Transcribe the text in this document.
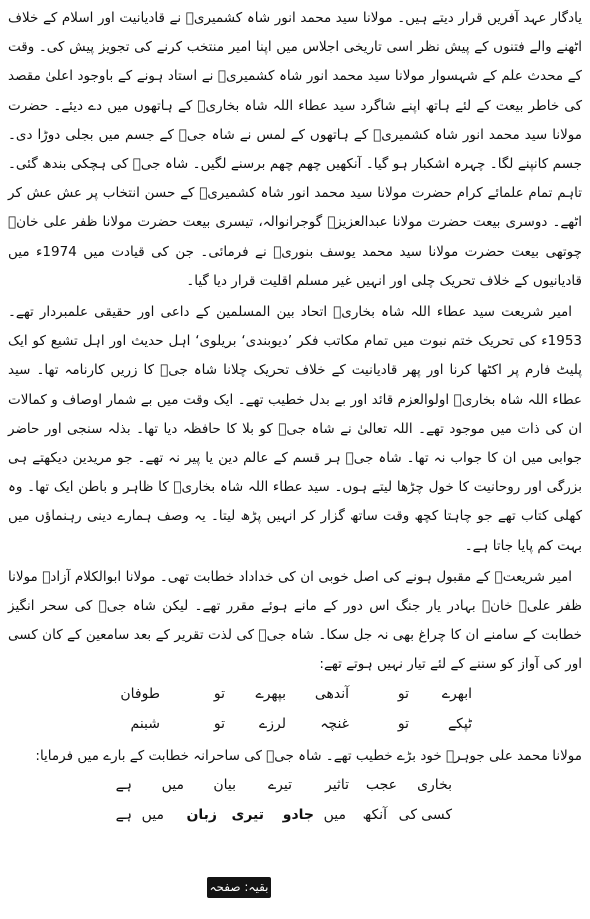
یادگار عہد آفریں قرار دیتے ہیں۔ مولانا سید محمد انور شاہ کشمیریؒ نے قادیانیت اور اسلام کے خلاف اٹھنے والے فتنوں کے پیش نظر اسی تاریخی اجلاس میں اپنا امیر منتخب کرنے کی تجویز پیش کی۔ وقت کے محدث علم کے شہسوار مولانا سید محمد انور شاہ کشمیریؒ نے استاد ہونے کے باوجود اعلیٰ مقصد کی خاطر بیعت کے لئے ہاتھ اپنے شاگرد سید عطاء اللہ شاہ بخاریؒ کے ہاتھوں میں دے دیئے۔ حضرت مولانا سید محمد انور شاہ کشمیریؒ کے ہاتھوں کے لمس نے شاہ جیؒ کے جسم میں بجلی دوڑا دی۔ جسم کانپنے لگا۔ چہرہ اشکبار ہو گیا۔ آنکھیں چھم چھم برسنے لگیں۔ شاہ جیؒ کی ہچکی بندھ گئی۔ تاہم تمام علمائے کرام حضرت مولانا سید محمد انور شاہ کشمیریؒ کے حسن انتخاب پر عش عش کر اٹھے۔ دوسری بیعت حضرت مولانا عبدالعزیزؒ گوجرانوالہ، تیسری بیعت حضرت مولانا ظفر علی خانؒ چوتھی بیعت حضرت مولانا سید محمد یوسف بنوریؒ نے فرمائی۔ جن کی قیادت میں 1974ء میں قادیانیوں کے خلاف تحریک چلی اور انہیں غیر مسلم اقلیت قرار دیا گیا۔

امیر شریعت سید عطاء اللہ شاہ بخاریؒ اتحاد بین المسلمین کے داعی اور حقیقی علمبردار تھے۔ 1953ء کی تحریک ختم نبوت میں تمام مکاتب فکر ’دیوبندی‘ بریلوی‘ اہل حدیث اور اہل تشیع کو ایک پلیٹ فارم پر اکٹھا کرنا اور پھر قادیانیت کے خلاف تحریک چلانا شاہ جیؒ کا زریں کارنامہ تھا۔ سید عطاء اللہ شاہ بخاریؒ اولوالعزم قائد اور بے بدل خطیب تھے۔ ایک وقت میں بے شمار اوصاف و کمالات ان کی ذات میں موجود تھے۔ اللہ تعالیٰ نے شاہ جیؒ کو بلا کا حافظہ دیا تھا۔ بذلہ سنجی اور حاضر جوابی میں ان کا جواب نہ تھا۔ شاہ جیؒ ہر قسم کے عالم دین یا پیر نہ تھے۔ جو مریدین دیکھتے ہی بزرگی اور روحانیت کا خول چڑھا لیتے ہوں۔ سید عطاء اللہ شاہ بخاریؒ کا ظاہر و باطن ایک تھا۔ وہ کھلی کتاب تھے جو چاہتا کچھ وقت ساتھ گزار کر انہیں پڑھ لیتا۔ یہ وصف ہمارے دینی رہنماؤں میں بہت کم پایا جاتا ہے۔

امیر شریعتؒ کے مقبول ہونے کی اصل خوبی ان کی خداداد خطابت تھی۔ مولانا ابوالکلام آزادؒ مولانا ظفر علیؒ خانؒ بہادر یار جنگ اس دور کے مانے ہوئے مقرر تھے۔ لیکن شاہ جیؒ کی سحر انگیز خطابت کے سامنے ان کا چراغ بھی نہ جل سکا۔ شاہ جیؒ کی لذت تقریر کے بعد سامعین کے کان کسی اور کی آواز کو سننے کے لئے تیار نہیں ہوتے تھے:

ابھرے
تو
آندھی
بپھرے
تو
طوفان
ٹپکے
تو
غنچہ
لرزے
تو
شبنم

مولانا محمد علی جوہرؒ خود بڑے خطیب تھے۔ شاہ جیؒ کی ساحرانہ خطابت کے بارے میں فرمایا:

بخاری
عجب
تاثیر
تیرے
بیان
میں
ہے
کسی
کی
آنکھ
میں
جادو
تیری
زبان
میں
ہے
بقیہ: صفحہ 13 پر
